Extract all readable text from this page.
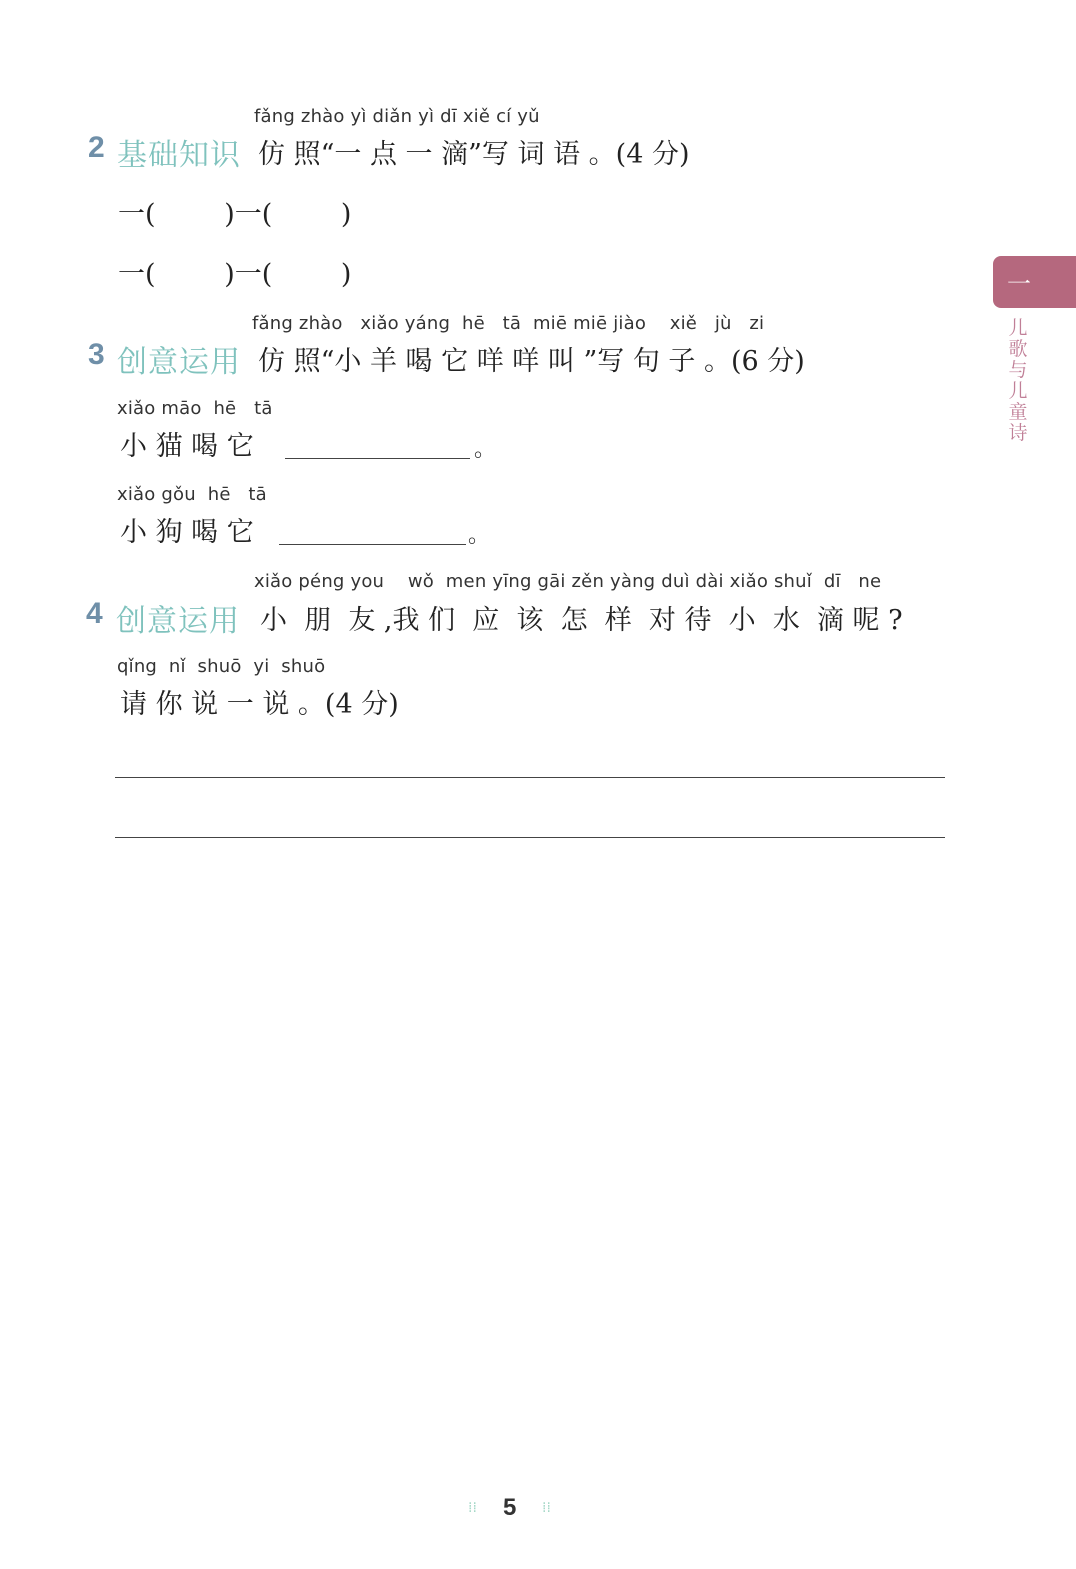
一
儿歌与儿童诗
fǎng zhào yì diǎn yì dī xiě cí yǔ
2 基础知识 仿 照“一 点 一 滴”写 词 语 。(4 分)
一(        )一(        )
一(        )一(        )
fǎng zhào   xiǎo yáng  hē   tā  miē miē jiào    xiě   jù   zi
3 创意运用 仿 照“小 羊 喝 它 咩 咩 叫 ”写 句 子 。(6 分)
xiǎo māo  hē   tā
小 猫 喝 它	。
xiǎo gǒu  hē   tā
小 狗 喝 它	。
xiǎo péng you    wǒ  men yīng gāi zěn yàng duì dài xiǎo shuǐ  dī   ne
4 创意运用 小  朋  友 ,我 们  应  该  怎  样  对 待  小  水  滴 呢 ?
qǐng  nǐ  shuō  yi  shuō
请 你 说 一 说 。(4 分)
⁞⁞ 5 ⁞⁞
